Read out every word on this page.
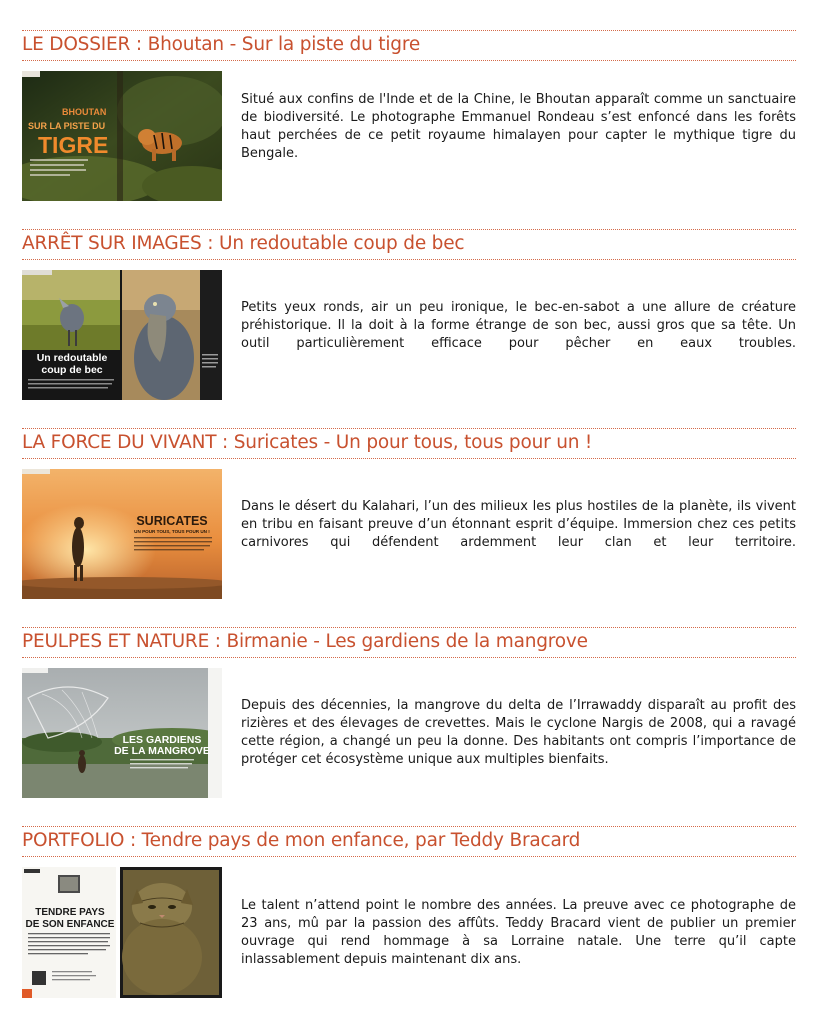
LE DOSSIER : Bhoutan - Sur la piste du tigre
BHOUTAN
SUR LA PISTE DU
TIGRE

Situé aux confins de l'Inde et de la Chine, le Bhoutan apparaît comme un sanctuaire de biodiversité. Le photographe Emmanuel Rondeau s’est enfoncé dans les forêts haut perchées de ce petit royaume himalayen pour capter le mythique tigre du Bengale.

ARRÊT SUR IMAGES : Un redoutable coup de bec
Un redoutable
coup de bec

Petits yeux ronds, air un peu ironique, le bec-en-sabot a une allure de créature préhistorique. Il la doit à la forme étrange de son bec, aussi gros que sa tête. Un outil particulièrement efficace pour pêcher en eaux troubles.

LA FORCE DU VIVANT : Suricates - Un pour tous, tous pour un !
SURICATES
UN POUR TOUS, TOUS POUR UN !

Dans le désert du Kalahari, l’un des milieux les plus hostiles de la planète, ils vivent en tribu en faisant preuve d’un étonnant esprit d’équipe. Immersion chez ces petits carnivores qui défendent ardemment leur clan et leur territoire.

PEULPES ET NATURE : Birmanie - Les gardiens de la mangrove
LES GARDIENS
DE LA MANGROVE

Depuis des décennies, la mangrove du delta de l’Irrawaddy disparaît au profit des rizières et des élevages de crevettes. Mais le cyclone Nargis de 2008, qui a ravagé cette région, a changé un peu la donne. Des habitants ont compris l’importance de protéger cet écosystème unique aux multiples bienfaits.

PORTFOLIO : Tendre pays de mon enfance, par Teddy Bracard
TENDRE PAYS
DE SON ENFANCE

Le talent n’attend point le nombre des années. La preuve avec ce photographe de 23 ans, mû par la passion des affûts. Teddy Bracard vient de publier un premier ouvrage qui rend hommage à sa Lorraine natale. Une terre qu’il capte inlassablement depuis maintenant dix ans.
